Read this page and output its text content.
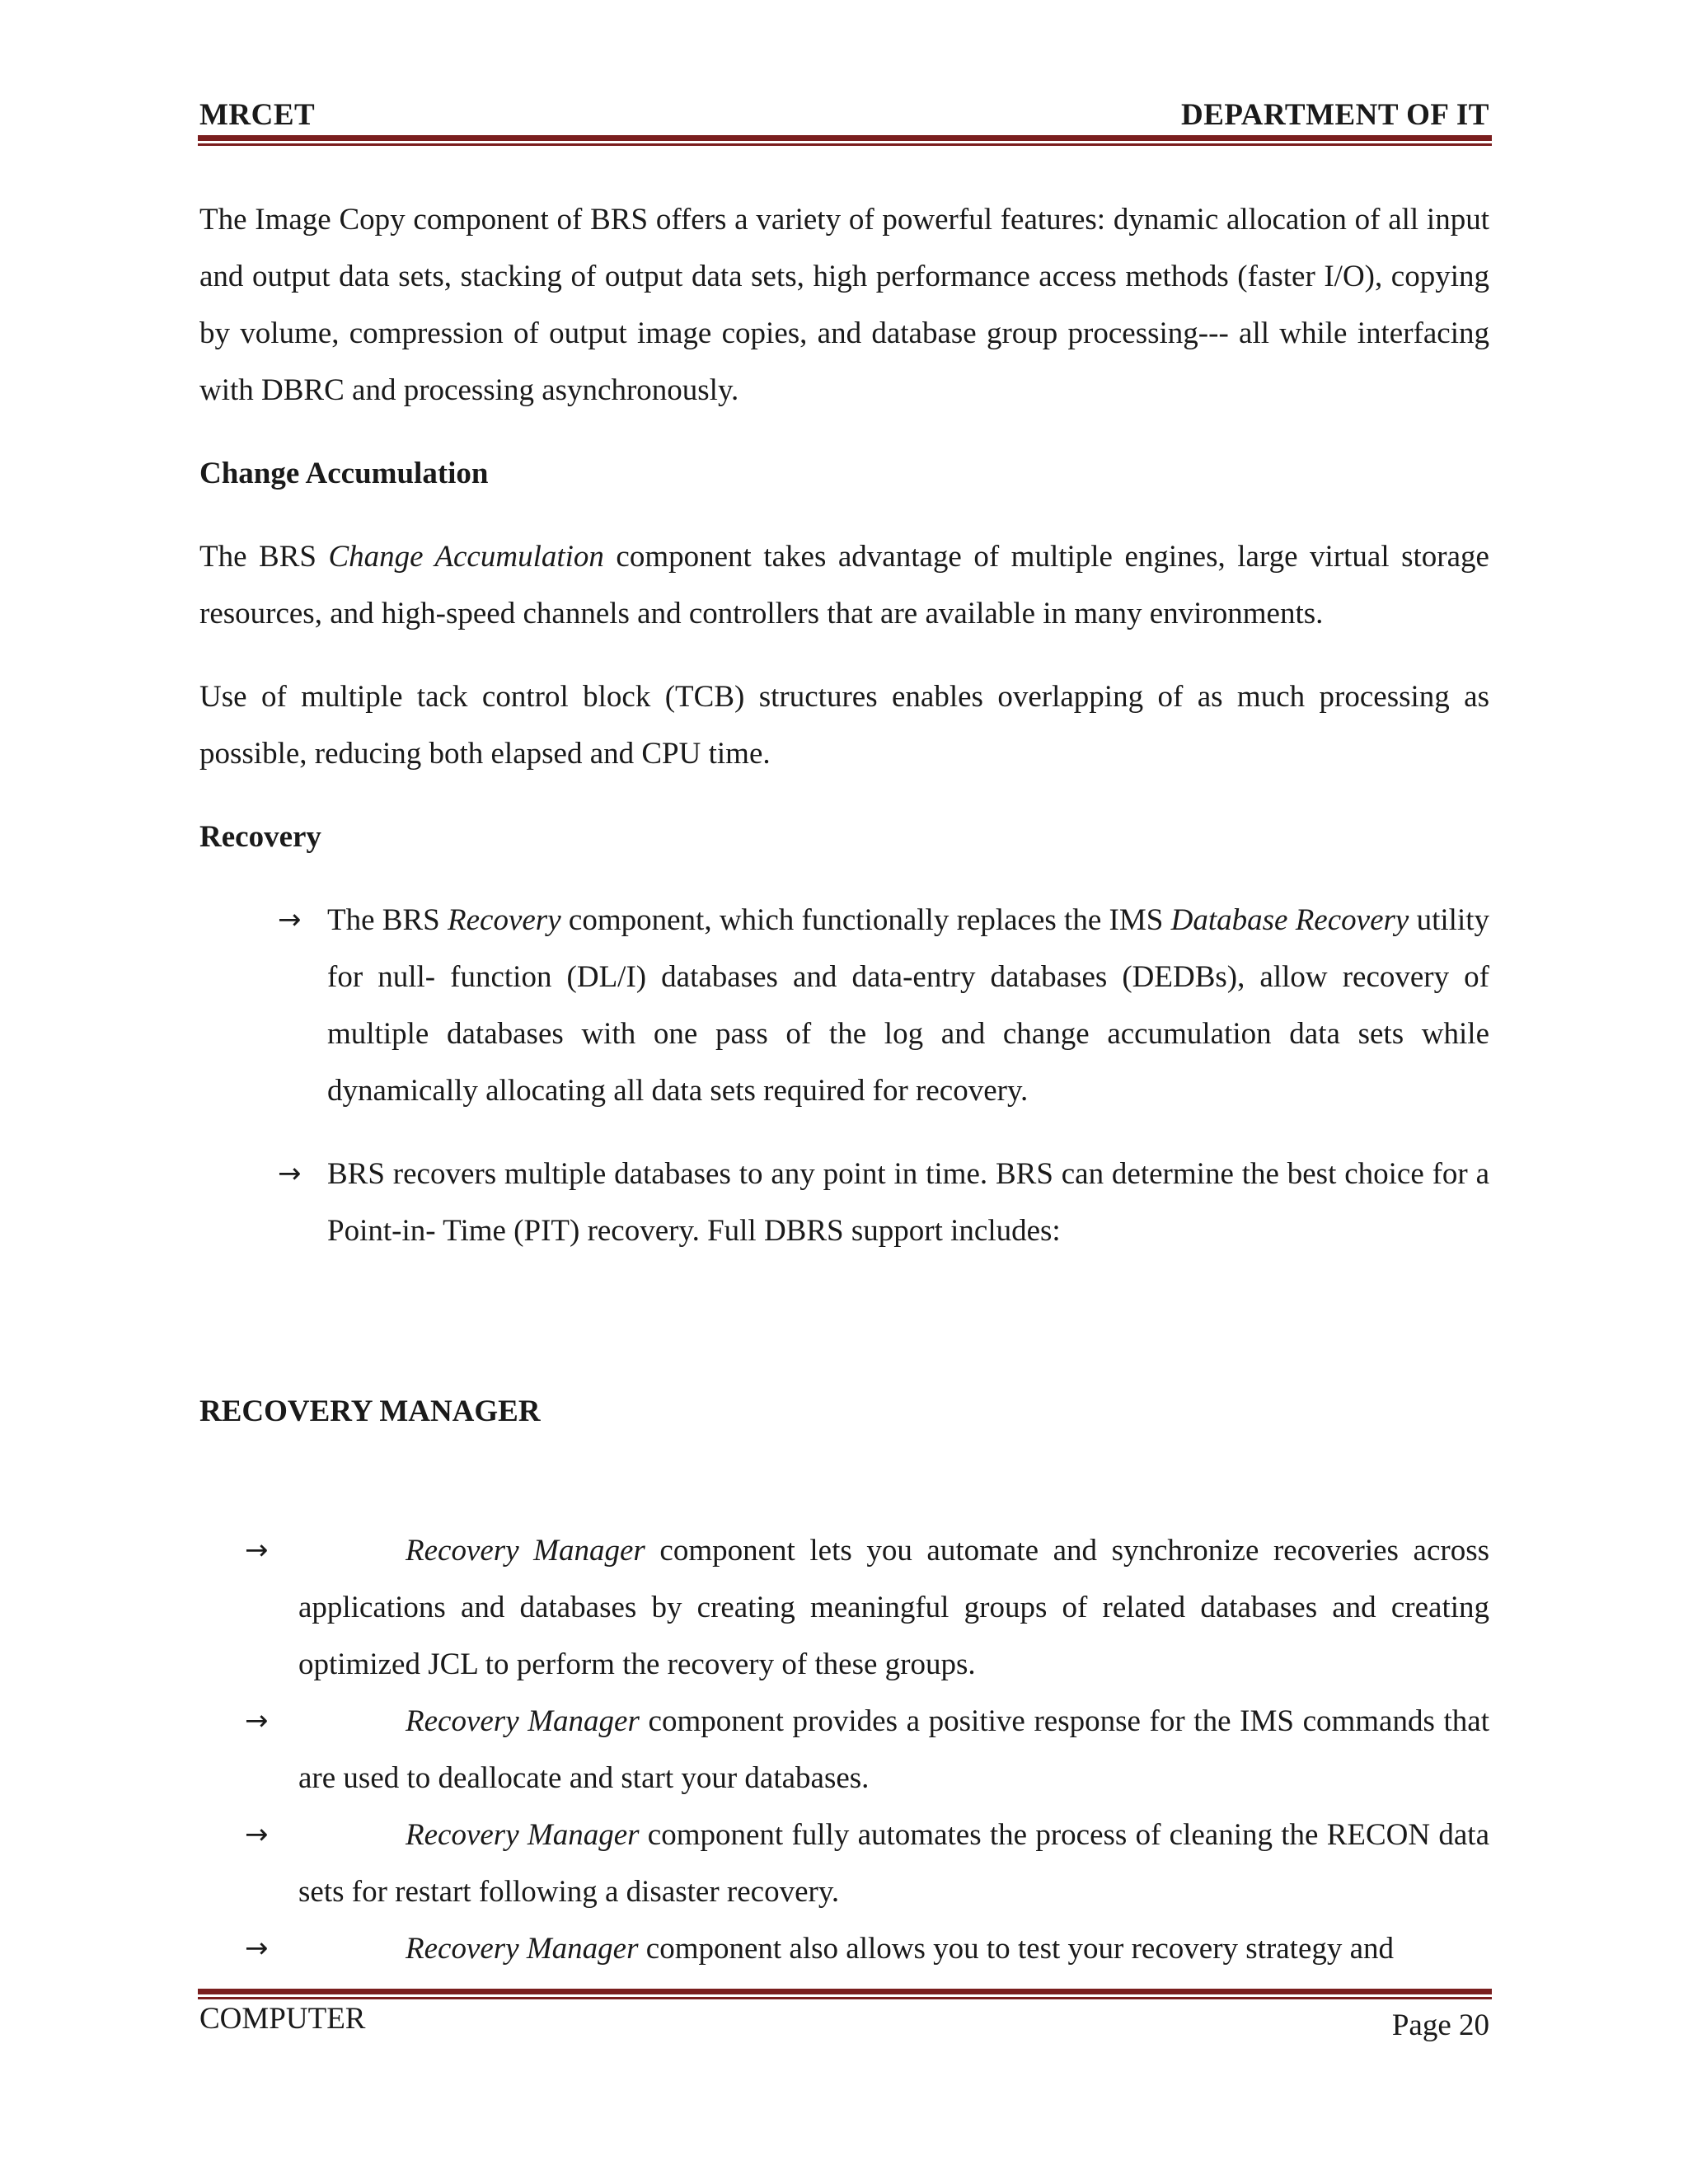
MRCET	DEPARTMENT OF IT

The Image Copy component of BRS offers a variety of powerful features: dynamic allocation of all input and output data sets, stacking of output data sets, high performance access methods (faster I/O), copying by volume, compression of output image copies, and database group processing--- all while interfacing with DBRC and processing asynchronously.

Change Accumulation

The BRS Change Accumulation component takes advantage of multiple engines, large virtual storage resources, and high-speed channels and controllers that are available in many environments.

Use of multiple tack control block (TCB) structures enables overlapping of as much processing as possible, reducing both elapsed and CPU time.

Recovery
→ The BRS Recovery component, which functionally replaces the IMS Database Recovery utility for null- function (DL/I) databases and data-entry databases (DEDBs), allow recovery of multiple databases with one pass of the log and change accumulation data sets while dynamically allocating all data sets required for recovery.

→ BRS recovers multiple databases to any point in time. BRS can determine the best choice for a Point-in- Time (PIT) recovery. Full DBRS support includes:

RECOVERY MANAGER
→	Recovery Manager component lets you automate and synchronize recoveries across applications and databases by creating meaningful groups of related databases and creating optimized JCL to perform the recovery of these groups.

→	Recovery Manager component provides a positive response for the IMS commands that are used to deallocate and start your databases.

→	Recovery Manager component fully automates the process of cleaning the RECON data sets for restart following a disaster recovery.

→	Recovery Manager component also allows you to test your recovery strategy and

COMPUTER	Page 20
